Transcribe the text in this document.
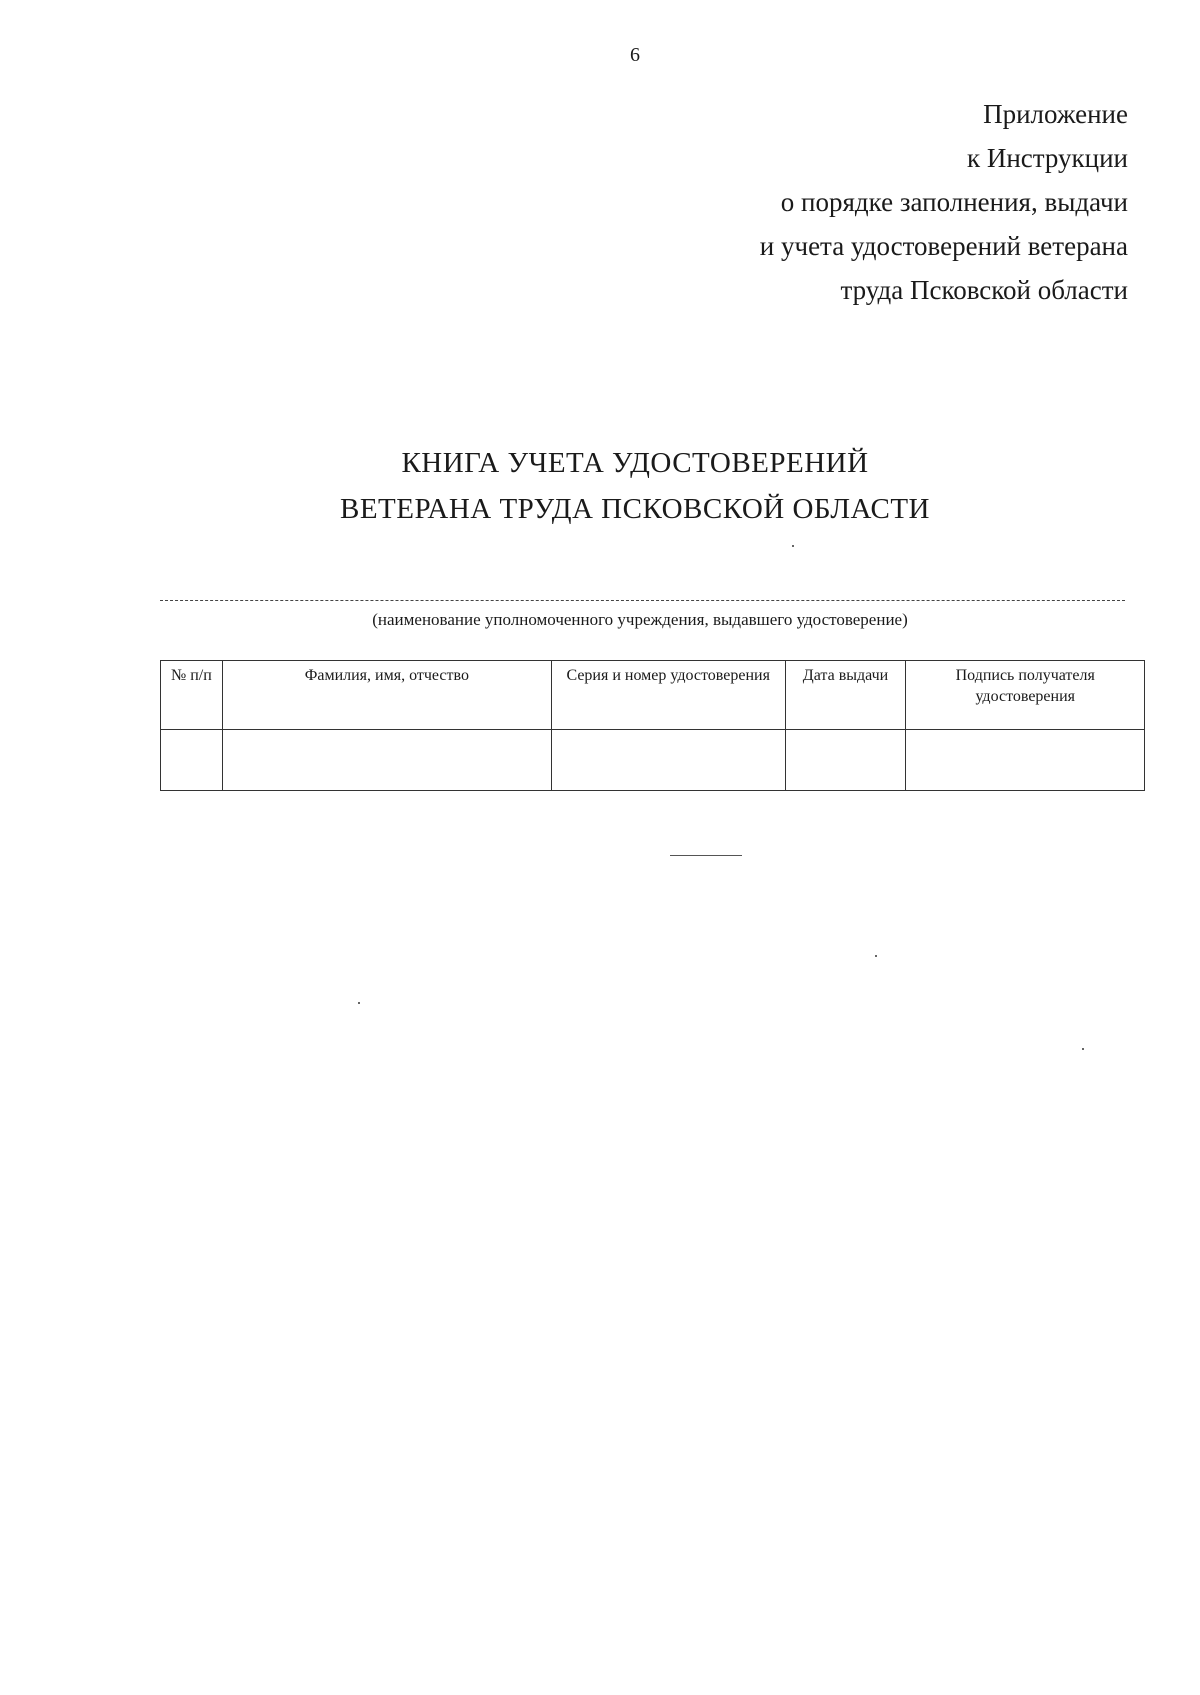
6
Приложение
к Инструкции
о порядке заполнения, выдачи
и учета удостоверений ветерана
труда Псковской области
КНИГА УЧЕТА УДОСТОВЕРЕНИЙ
ВЕТЕРАНА ТРУДА ПСКОВСКОЙ ОБЛАСТИ
(наименование уполномоченного учреждения, выдавшего удостоверение)
№ п/п	Фамилия, имя, отчество	Серия и номер удостоверения	Дата выдачи	Подпись получателя удостоверения
